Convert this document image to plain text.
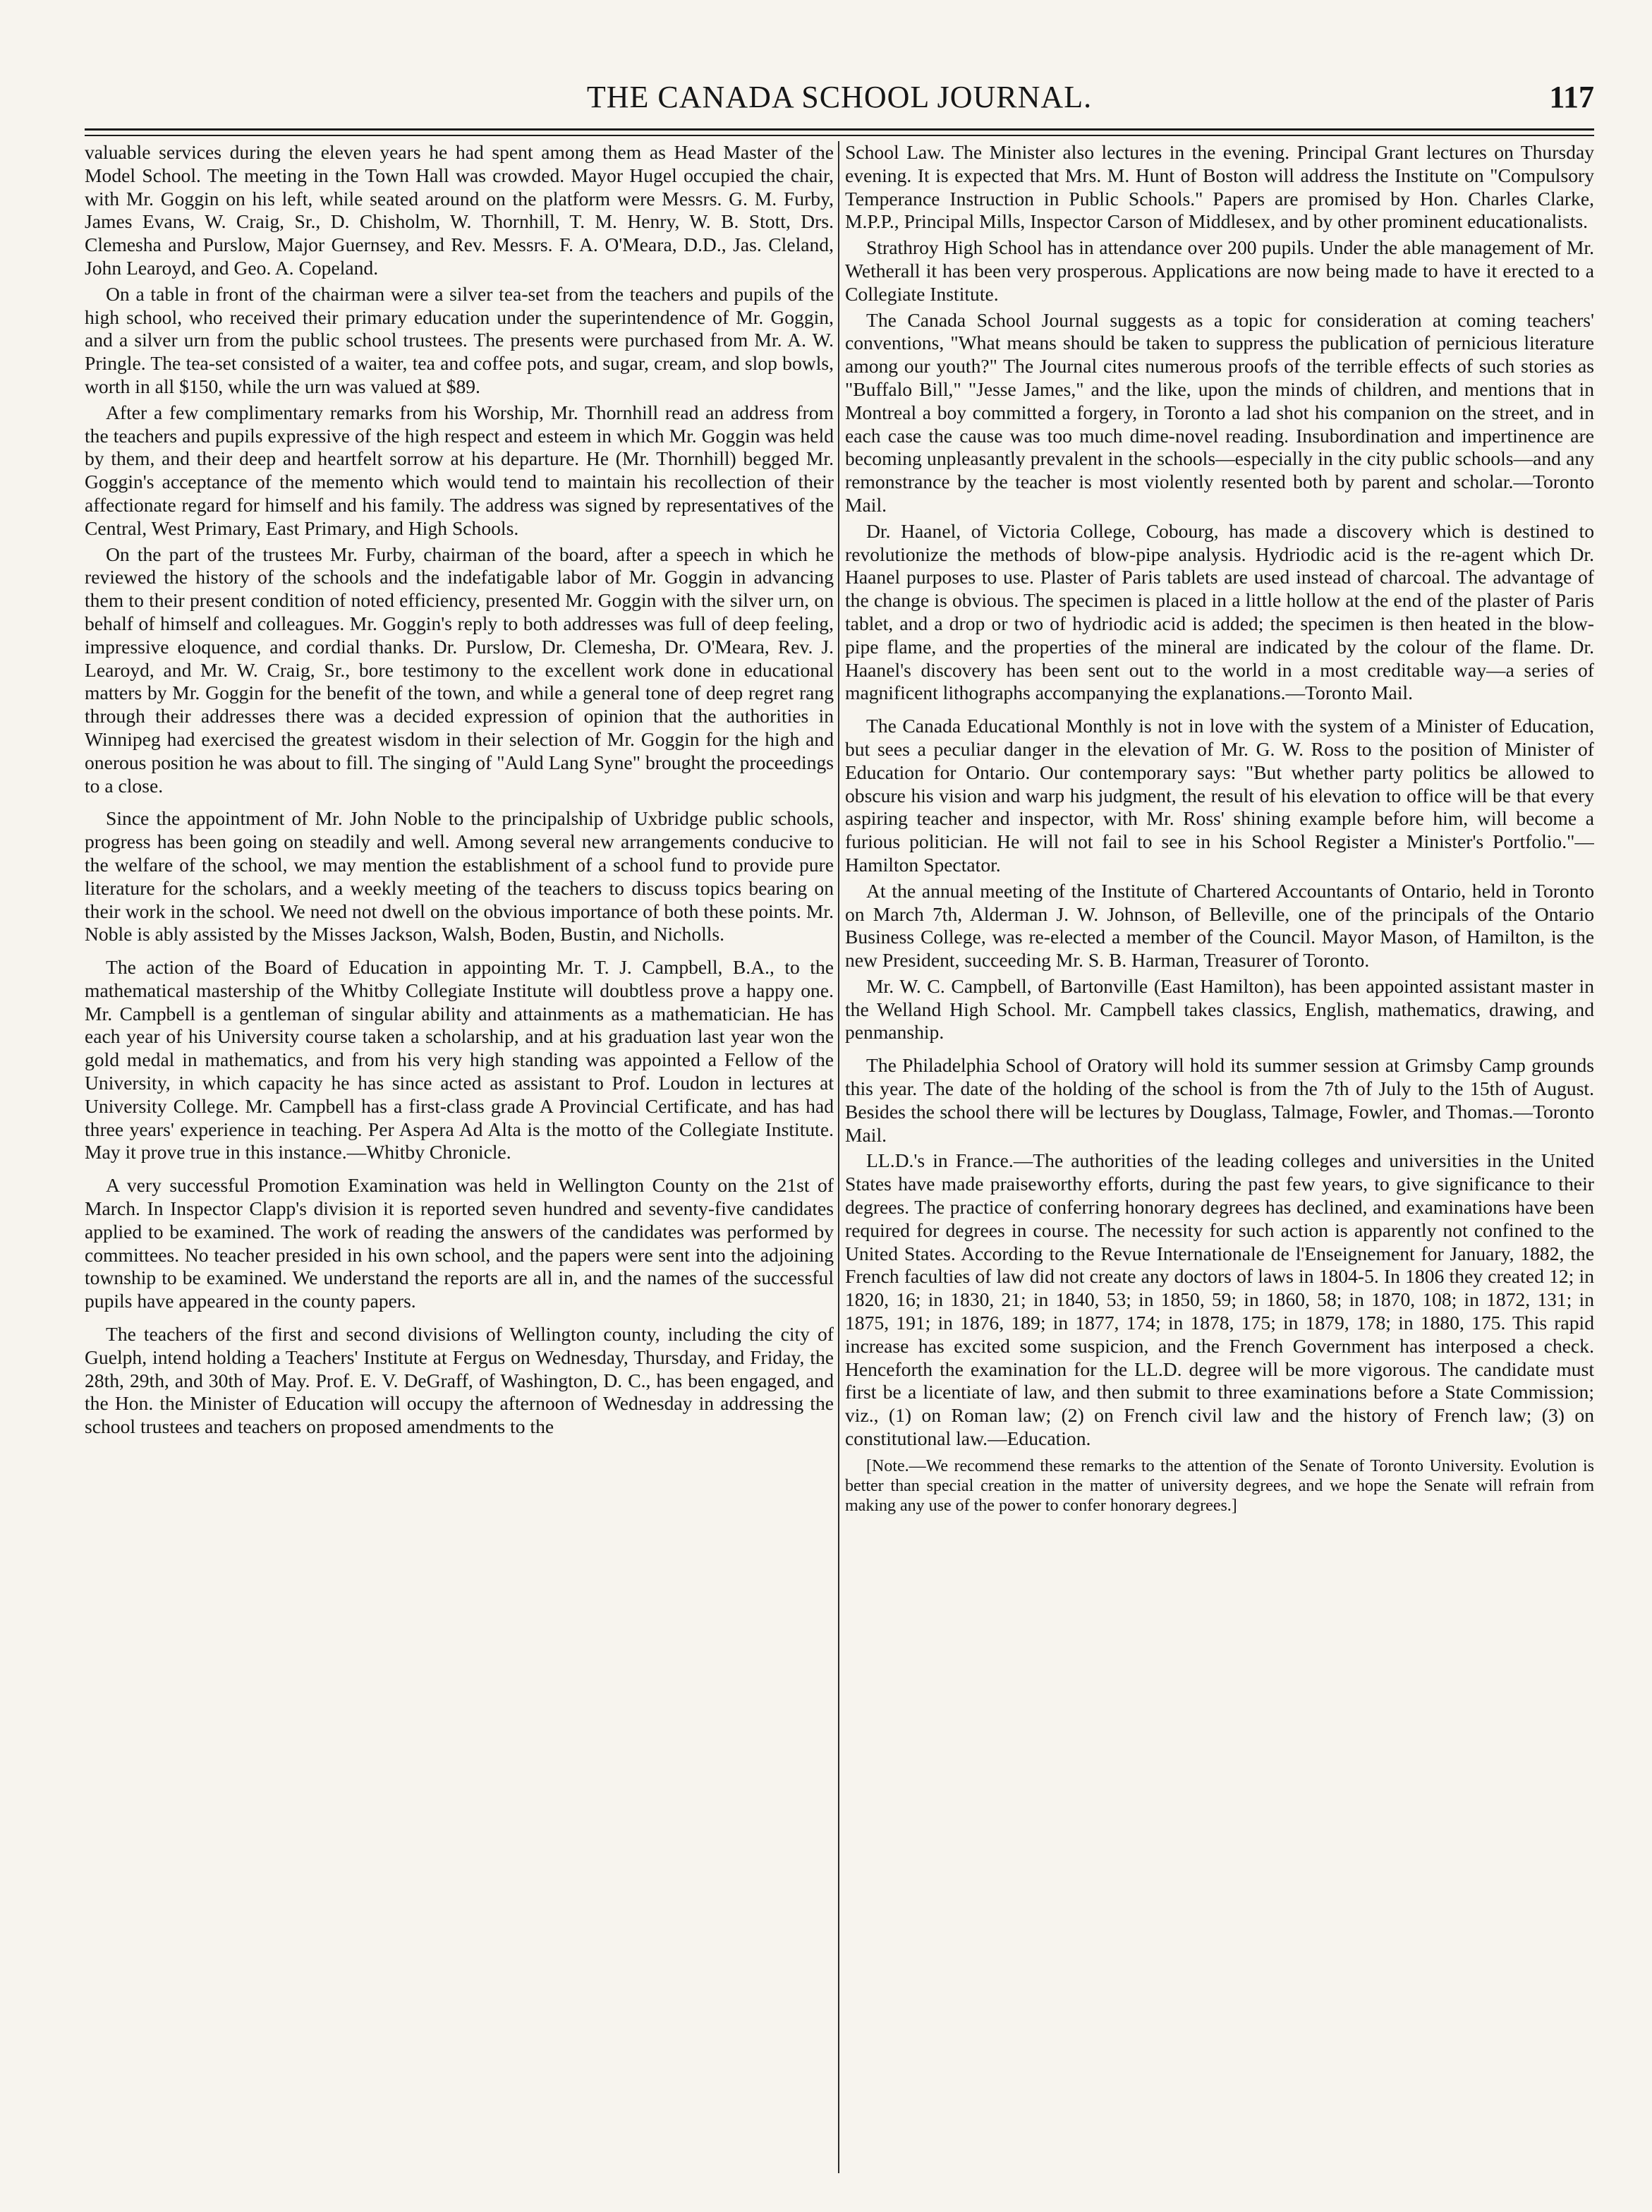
THE CANADA SCHOOL JOURNAL.	117

valuable services during the eleven years he had spent among them as Head Master of the Model School. The meeting in the Town Hall was crowded. Mayor Hugel occupied the chair, with Mr. Goggin on his left, while seated around on the platform were Messrs. G. M. Furby, James Evans, W. Craig, Sr., D. Chisholm, W. Thornhill, T. M. Henry, W. B. Stott, Drs. Clemesha and Purslow, Major Guernsey, and Rev. Messrs. F. A. O'Meara, D.D., Jas. Cleland, John Learoyd, and Geo. A. Copeland.

On a table in front of the chairman were a silver tea-set from the teachers and pupils of the high school, who received their primary education under the superintendence of Mr. Goggin, and a silver urn from the public school trustees. The presents were purchased from Mr. A. W. Pringle. The tea-set consisted of a waiter, tea and coffee pots, and sugar, cream, and slop bowls, worth in all $150, while the urn was valued at $89.

After a few complimentary remarks from his Worship, Mr. Thornhill read an address from the teachers and pupils expressive of the high respect and esteem in which Mr. Goggin was held by them, and their deep and heartfelt sorrow at his departure. He (Mr. Thornhill) begged Mr. Goggin's acceptance of the memento which would tend to maintain his recollection of their affectionate regard for himself and his family. The address was signed by representatives of the Central, West Primary, East Primary, and High Schools.

On the part of the trustees Mr. Furby, chairman of the board, after a speech in which he reviewed the history of the schools and the indefatigable labor of Mr. Goggin in advancing them to their present condition of noted efficiency, presented Mr. Goggin with the silver urn, on behalf of himself and colleagues. Mr. Goggin's reply to both addresses was full of deep feeling, impressive eloquence, and cordial thanks. Dr. Purslow, Dr. Clemesha, Dr. O'Meara, Rev. J. Learoyd, and Mr. W. Craig, Sr., bore testimony to the excellent work done in educational matters by Mr. Goggin for the benefit of the town, and while a general tone of deep regret rang through their addresses there was a decided expression of opinion that the authorities in Winnipeg had exercised the greatest wisdom in their selection of Mr. Goggin for the high and onerous position he was about to fill. The singing of "Auld Lang Syne" brought the proceedings to a close.

Since the appointment of Mr. John Noble to the principalship of Uxbridge public schools, progress has been going on steadily and well. Among several new arrangements conducive to the welfare of the school, we may mention the establishment of a school fund to provide pure literature for the scholars, and a weekly meeting of the teachers to discuss topics bearing on their work in the school. We need not dwell on the obvious importance of both these points. Mr. Noble is ably assisted by the Misses Jackson, Walsh, Boden, Bustin, and Nicholls.

The action of the Board of Education in appointing Mr. T. J. Campbell, B.A., to the mathematical mastership of the Whitby Collegiate Institute will doubtless prove a happy one. Mr. Campbell is a gentleman of singular ability and attainments as a mathematician. He has each year of his University course taken a scholarship, and at his graduation last year won the gold medal in mathematics, and from his very high standing was appointed a Fellow of the University, in which capacity he has since acted as assistant to Prof. Loudon in lectures at University College. Mr. Campbell has a first-class grade A Provincial Certificate, and has had three years' experience in teaching. Per Aspera Ad Alta is the motto of the Collegiate Institute. May it prove true in this instance.—Whitby Chronicle.

A very successful Promotion Examination was held in Wellington County on the 21st of March. In Inspector Clapp's division it is reported seven hundred and seventy-five candidates applied to be examined. The work of reading the answers of the candidates was performed by committees. No teacher presided in his own school, and the papers were sent into the adjoining township to be examined. We understand the reports are all in, and the names of the successful pupils have appeared in the county papers.

The teachers of the first and second divisions of Wellington county, including the city of Guelph, intend holding a Teachers' Institute at Fergus on Wednesday, Thursday, and Friday, the 28th, 29th, and 30th of May. Prof. E. V. DeGraff, of Washington, D. C., has been engaged, and the Hon. the Minister of Education will occupy the afternoon of Wednesday in addressing the school trustees and teachers on proposed amendments to the

School Law. The Minister also lectures in the evening. Principal Grant lectures on Thursday evening. It is expected that Mrs. M. Hunt of Boston will address the Institute on "Compulsory Temperance Instruction in Public Schools." Papers are promised by Hon. Charles Clarke, M.P.P., Principal Mills, Inspector Carson of Middlesex, and by other prominent educationalists.

Strathroy High School has in attendance over 200 pupils. Under the able management of Mr. Wetherall it has been very prosperous. Applications are now being made to have it erected to a Collegiate Institute.

The Canada School Journal suggests as a topic for consideration at coming teachers' conventions, "What means should be taken to suppress the publication of pernicious literature among our youth?" The Journal cites numerous proofs of the terrible effects of such stories as "Buffalo Bill," "Jesse James," and the like, upon the minds of children, and mentions that in Montreal a boy committed a forgery, in Toronto a lad shot his companion on the street, and in each case the cause was too much dime-novel reading. Insubordination and impertinence are becoming unpleasantly prevalent in the schools—especially in the city public schools—and any remonstrance by the teacher is most violently resented both by parent and scholar.—Toronto Mail.

Dr. Haanel, of Victoria College, Cobourg, has made a discovery which is destined to revolutionize the methods of blow-pipe analysis. Hydriodic acid is the re-agent which Dr. Haanel purposes to use. Plaster of Paris tablets are used instead of charcoal. The advantage of the change is obvious. The specimen is placed in a little hollow at the end of the plaster of Paris tablet, and a drop or two of hydriodic acid is added; the specimen is then heated in the blow-pipe flame, and the properties of the mineral are indicated by the colour of the flame. Dr. Haanel's discovery has been sent out to the world in a most creditable way—a series of magnificent lithographs accompanying the explanations.—Toronto Mail.

The Canada Educational Monthly is not in love with the system of a Minister of Education, but sees a peculiar danger in the elevation of Mr. G. W. Ross to the position of Minister of Education for Ontario. Our contemporary says: "But whether party politics be allowed to obscure his vision and warp his judgment, the result of his elevation to office will be that every aspiring teacher and inspector, with Mr. Ross' shining example before him, will become a furious politician. He will not fail to see in his School Register a Minister's Portfolio."—Hamilton Spectator.

At the annual meeting of the Institute of Chartered Accountants of Ontario, held in Toronto on March 7th, Alderman J. W. Johnson, of Belleville, one of the principals of the Ontario Business College, was re-elected a member of the Council. Mayor Mason, of Hamilton, is the new President, succeeding Mr. S. B. Harman, Treasurer of Toronto.

Mr. W. C. Campbell, of Bartonville (East Hamilton), has been appointed assistant master in the Welland High School. Mr. Campbell takes classics, English, mathematics, drawing, and penmanship.

The Philadelphia School of Oratory will hold its summer session at Grimsby Camp grounds this year. The date of the holding of the school is from the 7th of July to the 15th of August. Besides the school there will be lectures by Douglass, Talmage, Fowler, and Thomas.—Toronto Mail.

LL.D.'s in France.—The authorities of the leading colleges and universities in the United States have made praiseworthy efforts, during the past few years, to give significance to their degrees. The practice of conferring honorary degrees has declined, and examinations have been required for degrees in course. The necessity for such action is apparently not confined to the United States. According to the Revue Internationale de l'Enseignement for January, 1882, the French faculties of law did not create any doctors of laws in 1804-5. In 1806 they created 12; in 1820, 16; in 1830, 21; in 1840, 53; in 1850, 59; in 1860, 58; in 1870, 108; in 1872, 131; in 1875, 191; in 1876, 189; in 1877, 174; in 1878, 175; in 1879, 178; in 1880, 175. This rapid increase has excited some suspicion, and the French Government has interposed a check. Henceforth the examination for the LL.D. degree will be more vigorous. The candidate must first be a licentiate of law, and then submit to three examinations before a State Commission; viz., (1) on Roman law; (2) on French civil law and the history of French law; (3) on constitutional law.—Education.

[Note.—We recommend these remarks to the attention of the Senate of Toronto University. Evolution is better than special creation in the matter of university degrees, and we hope the Senate will refrain from making any use of the power to confer honorary degrees.]
